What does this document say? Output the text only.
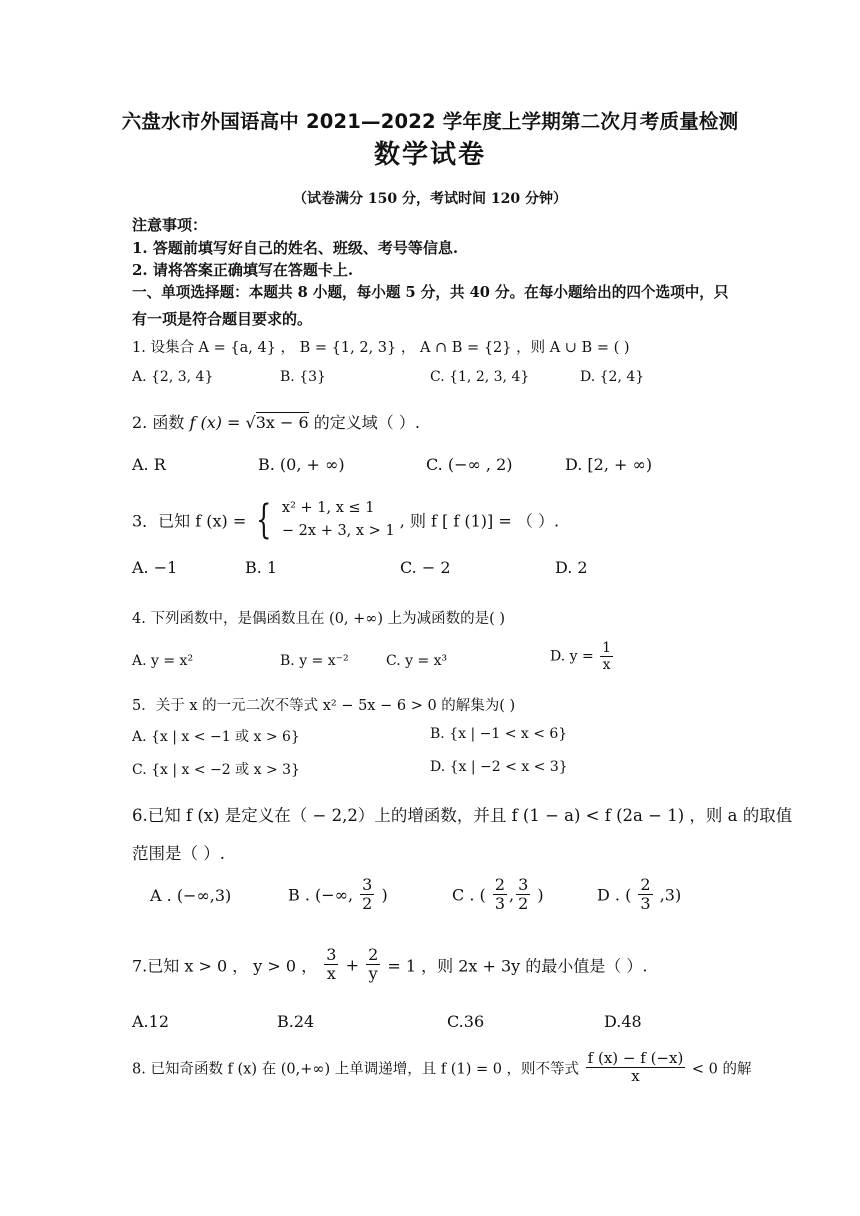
六盘水市外国语高中 2021—2022 学年度上学期第二次月考质量检测
数学试卷
（试卷满分 150 分，考试时间 120 分钟）
注意事项：
1. 答题前填写好自己的姓名、班级、考号等信息.
2. 请将答案正确填写在答题卡上.
一、单项选择题：本题共 8 小题，每小题 5 分，共 40 分。在每小题给出的四个选项中，只
有一项是符合题目要求的。
1. 设集合 A = {a, 4} ， B = {1, 2, 3} ， A ∩ B = {2} ，则 A ∪ B = ( )
A. {2, 3, 4}	B. {3}	C. {1, 2, 3, 4}	D. {2, 4}
2. 函数 f (x) = √3x − 6 的定义域（ ）.
A. R	B. (0, + ∞)	C. (−∞ , 2)	D. [2, + ∞)
3．已知 f (x) = { x² + 1, x ≤ 1
− 2x + 3, x > 1
, 则 f [ f (1)] = （ ）.
A. −1	B. 1	C. − 2	D. 2
4. 下列函数中，是偶函数且在 (0, +∞) 上为减函数的是( )
A. y = x²	B. y = x⁻²	C. y = x³	D. $y = \frac{1}{x}$
5．关于 x 的一元二次不等式 x² − 5x − 6 > 0 的解集为( )
A. {x | x < −1 或 x > 6}	B. {x | −1 < x < 6}
C. {x | x < −2 或 x > 3}	D. {x | −2 < x < 3}
6.已知 f (x) 是定义在（ − 2,2）上的增函数，并且 f (1 − a) < f (2a − 1) ，则 a 的取值
范围是（ ）.
A . (−∞,3)	B . (−∞, $\frac{3}{2}$ )	C . ( $\frac{2}{3}$ , $\frac{3}{2}$ )	D . ( $\frac{2}{3} ,3$)
7.已知 x > 0 ， y > 0 ， $\frac{3}{x} + \frac{2}{y} = 1$ ，则 2x + 3y 的最小值是（ ）.
A.12	B.24	C.36	D.48
8. 已知奇函数 f (x) 在 (0,+∞) 上单调递增，且 f (1) = 0 ，则不等式 $\frac{f (x) - f (-x)}{x} < 0$ 的解
